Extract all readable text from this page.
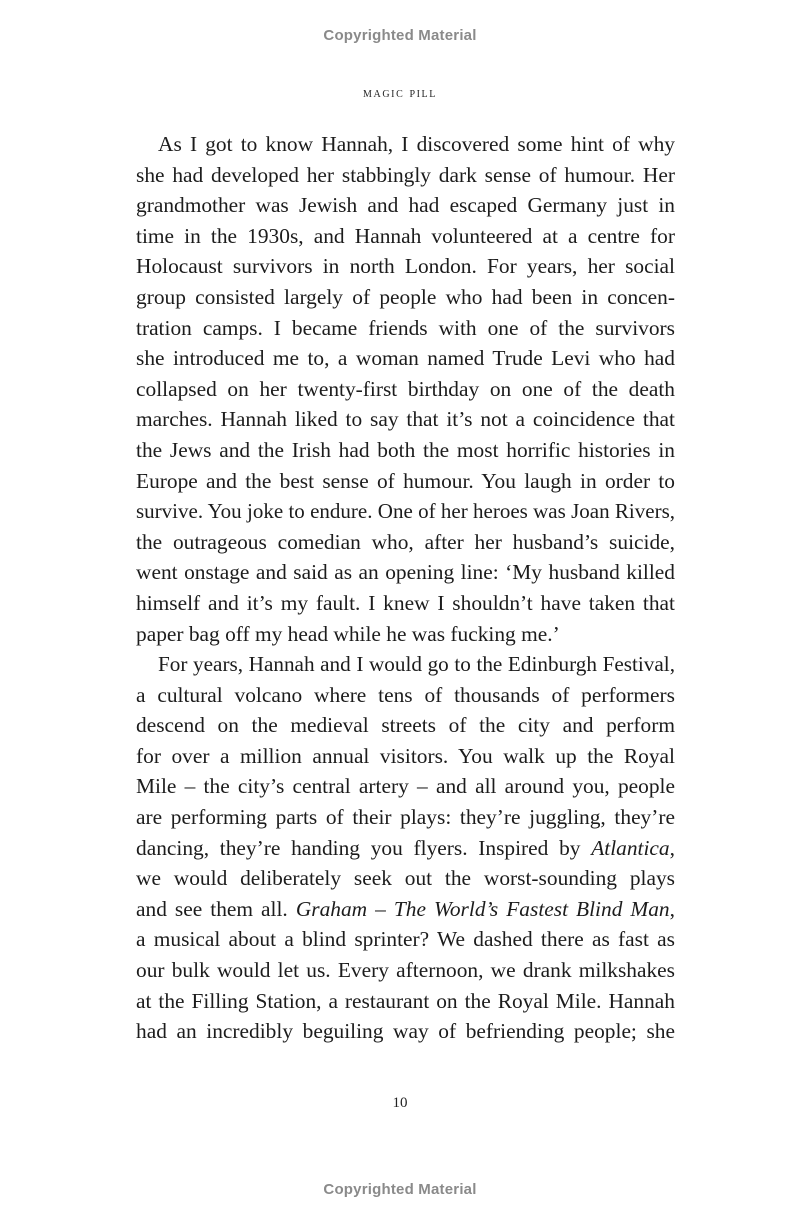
Copyrighted Material
magic pill
As I got to know Hannah, I discovered some hint of why
she had developed her stabbingly dark sense of humour. Her
grandmother was Jewish and had escaped Germany just in
time in the 1930s, and Hannah volunteered at a centre for
Holocaust survivors in north London. For years, her social
group consisted largely of people who had been in concen-
tration camps. I became friends with one of the survivors
she introduced me to, a woman named Trude Levi who had
collapsed on her twenty-first birthday on one of the death
marches. Hannah liked to say that it’s not a coincidence that
the Jews and the Irish had both the most horrific histories in
Europe and the best sense of humour. You laugh in order to
survive. You joke to endure. One of her heroes was Joan Rivers,
the outrageous comedian who, after her husband’s suicide,
went onstage and said as an opening line: ‘My husband killed
himself and it’s my fault. I knew I shouldn’t have taken that
paper bag off my head while he was fucking me.’
For years, Hannah and I would go to the Edinburgh Festival,
a cultural volcano where tens of thousands of performers
descend on the medieval streets of the city and perform
for over a million annual visitors. You walk up the Royal
Mile – the city’s central artery – and all around you, people
are performing parts of their plays: they’re juggling, they’re
dancing, they’re handing you flyers. Inspired by Atlantica,
we would deliberately seek out the worst-sounding plays
and see them all. Graham – The World’s Fastest Blind Man,
a musical about a blind sprinter? We dashed there as fast as
our bulk would let us. Every afternoon, we drank milkshakes
at the Filling Station, a restaurant on the Royal Mile. Hannah
had an incredibly beguiling way of befriending people; she
10
Copyrighted Material
